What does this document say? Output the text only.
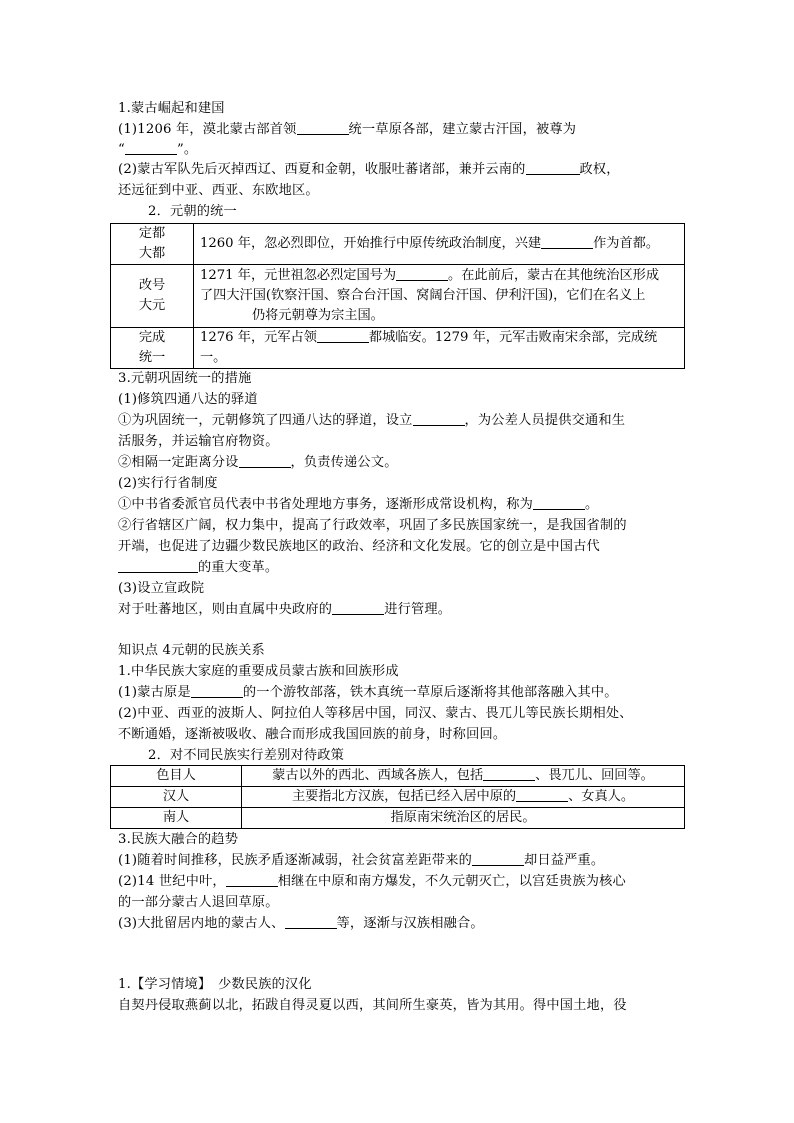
1.蒙古崛起和建国
(1)1206 年，漠北蒙古部首领	统一草原各部，建立蒙古汗国，被尊为
“	”。
(2)蒙古军队先后灭掉西辽、西夏和金朝，收服吐蕃诸部，兼并云南的	政权，
还远征到中亚、西亚、东欧地区。
2．元朝的统一
定都
大都	1260 年，忽必烈即位，开始推行中原传统政治制度，兴建 作为首都。
改号
大元	1271 年，元世祖忽必烈定国号为 。在此前后，蒙古在其他统治区形成
了四大汗国(钦察汗国、察合台汗国、窝阔台汗国、伊利汗国)，它们在名义上
仍将元朝尊为宗主国。
完成
统一	1276 年，元军占领 都城临安。1279 年，元军击败南宋余部，完成统一。
3.元朝巩固统一的措施
(1)修筑四通八达的驿道
①为巩固统一，元朝修筑了四通八达的驿道，设立	，为公差人员提供交通和生
活服务，并运输官府物资。
②相隔一定距离分设	，负责传递公文。
(2)实行行省制度
①中书省委派官员代表中书省处理地方事务，逐渐形成常设机构，称为	。
②行省辖区广阔，权力集中，提高了行政效率，巩固了多民族国家统一，是我国省制的
开端，也促进了边疆少数民族地区的政治、经济和文化发展。它的创立是中国古代
的重大变革。
(3)设立宣政院
对于吐蕃地区，则由直属中央政府的	进行管理。
知识点 4元朝的民族关系
1.中华民族大家庭的重要成员蒙古族和回族形成
(1)蒙古原是	的一个游牧部落，铁木真统一草原后逐渐将其他部落融入其中。
(2)中亚、西亚的波斯人、阿拉伯人等移居中国，同汉、蒙古、畏兀儿等民族长期相处、
不断通婚，逐渐被吸收、融合而形成我国回族的前身，时称回回。
2．对不同民族实行差别对待政策
色目人	蒙古以外的西北、西域各族人，包括 、畏兀儿、回回等。
汉人	主要指北方汉族，包括已经入居中原的 、女真人。
南人	指原南宋统治区的居民。
3.民族大融合的趋势
(1)随着时间推移，民族矛盾逐渐减弱，社会贫富差距带来的	却日益严重。
(2)14 世纪中叶，	相继在中原和南方爆发，不久元朝灭亡，以宫廷贵族为核心
的一部分蒙古人退回草原。
(3)大批留居内地的蒙古人、	等，逐渐与汉族相融合。
1.【学习情境】　少数民族的汉化
自契丹侵取燕蓟以北，拓跋自得灵夏以西，其间所生豪英，皆为其用。得中国土地，役
